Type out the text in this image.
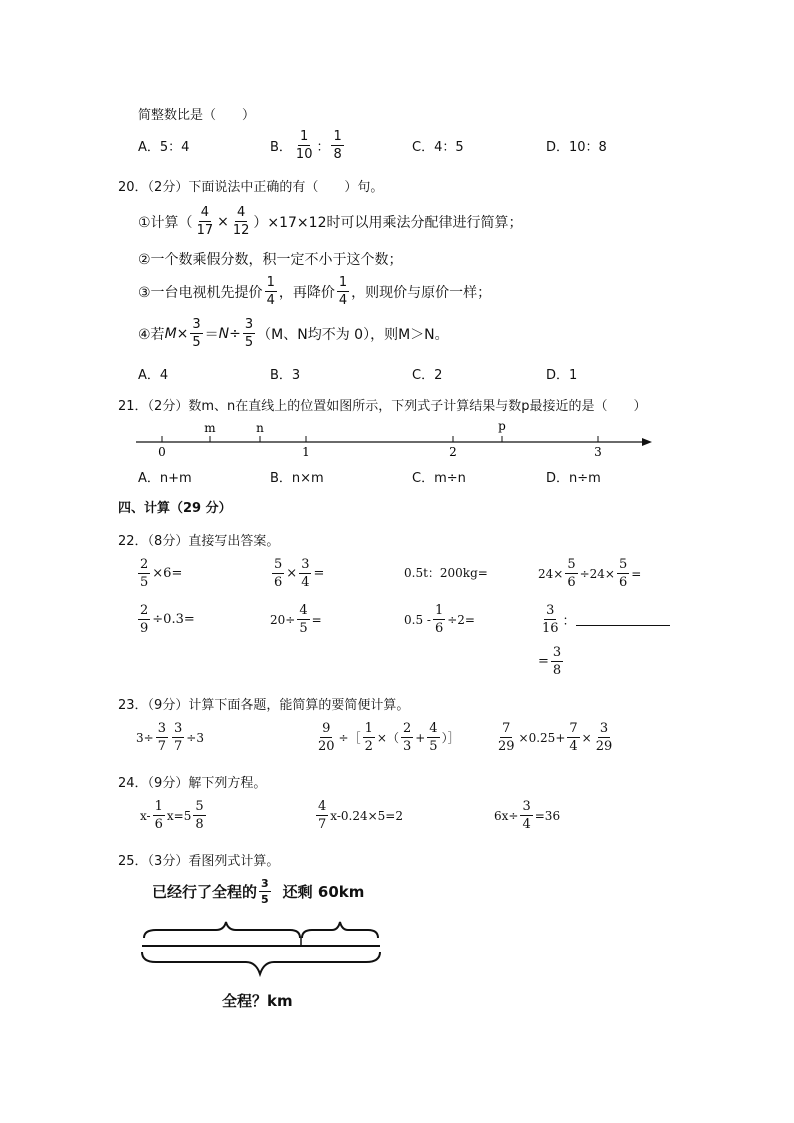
简整数比是（　　）
A．5：4	B． $\frac{1}{10}$ ： $\frac{1}{8}$	C．4：5	D．10：8
20．（2分）下面说法中正确的有（　　）句。
①计算（ $\frac{4}{17} \times \frac{4}{12} )\times 17\times 12$时可以用乘法分配律进行简算；
②一个数乘假分数，积一定不小于这个数；
③一台电视机先提价 $\frac{1}{4}$ ，再降价 $\frac{1}{4}$ ，则现价与原价一样；
④若 $M \times \frac{3}{5} = N \div \frac{3}{5} (M$、N均不为 0），则M＞N。
A．4	B．3	C．2	D．1
21．（2分）数m、n在直线上的位置如图所示，下列式子计算结果与数p最接近的是（　　）
m	n	p
0	1	2	3
A．n+m	B．n×m	C．m÷n	D．n÷m
四、计算（29 分）
22．（8分）直接写出答案。
$\frac{2}{5} \times 6=$	$\frac{5}{6} \times \frac{3}{4}$ =	0.5t：200kg=	$24\times \frac{5}{6} \div 24\times \frac{5}{6}$ =
$\frac{2}{9} \div 0.3=$	$20\div \frac{4}{5}$ =	$0.5 - \frac{1}{6} \div 2=$	$\frac{3}{16}$ ：
= $\frac{3}{8}$
23．（9分）计算下面各题，能简算的要简便计算。
$3\div \frac{3}{7} \frac{3}{7} \div 3$	$\frac{9}{20}$ ÷［ $\frac{1}{2}$ ×（ $\frac{2}{3} + \frac{4}{5}$ ）］	$\frac{7}{29} \times 0.25+ \frac{7}{4} \times \frac{3}{29}$
24．（9分）解下列方程。
$x- \frac{1}{6} x=5 \frac{5}{8}$	$\frac{4}{7} x-0.24\times 5=2$	$6x\div \frac{3}{4} =36$
25．（3分）看图列式计算。
已经行了全程的 $\frac{3}{5}$ 还剩 60km
全程？km
